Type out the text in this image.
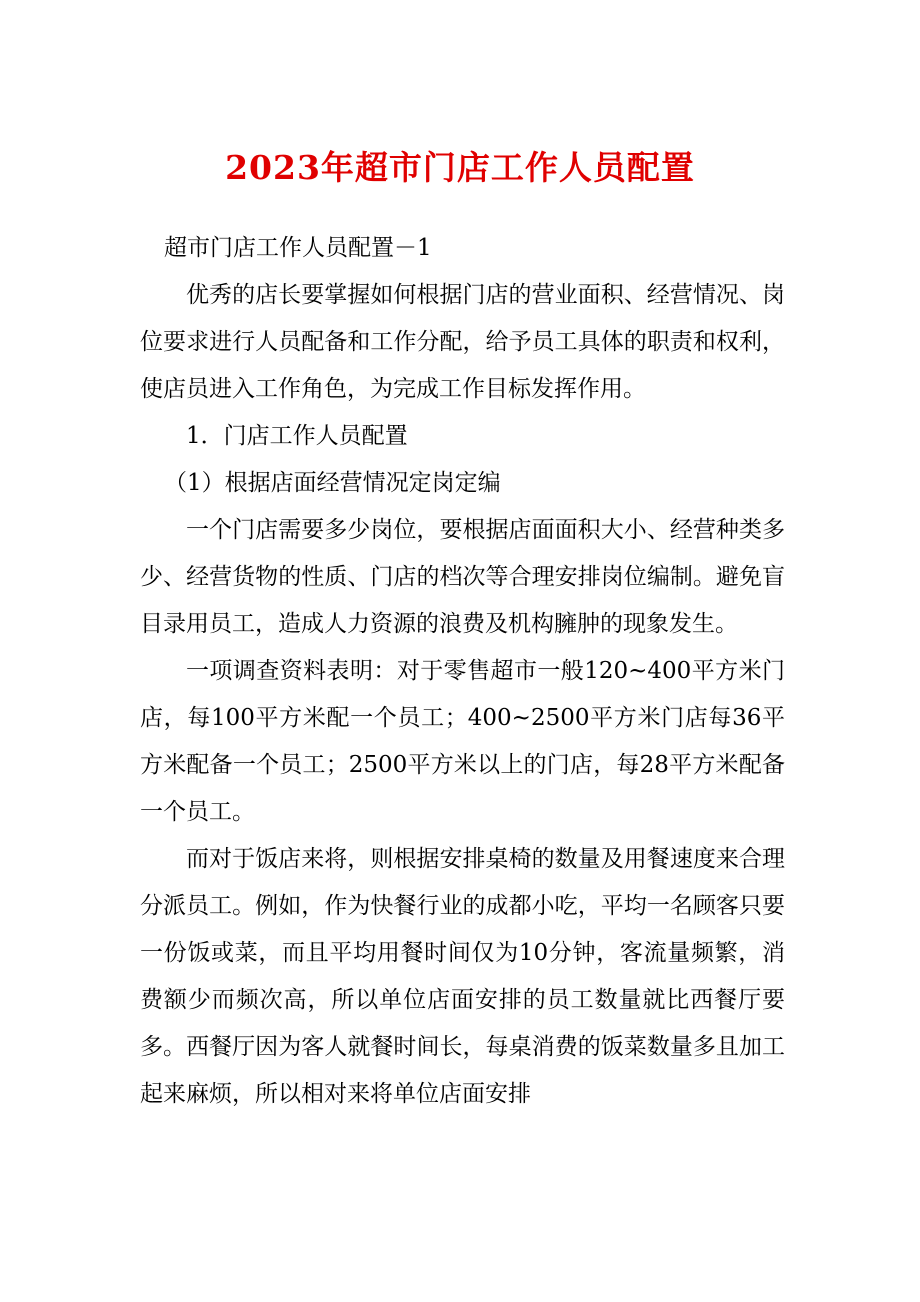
2023年超市门店工作人员配置

超市门店工作人员配置－1

优秀的店长要掌握如何根据门店的营业面积、经营情况、岗位要求进行人员配备和工作分配，给予员工具体的职责和权利，使店员进入工作角色，为完成工作目标发挥作用。

1．门店工作人员配置

（1）根据店面经营情况定岗定编

一个门店需要多少岗位，要根据店面面积大小、经营种类多少、经营货物的性质、门店的档次等合理安排岗位编制。避免盲目录用员工，造成人力资源的浪费及机构臃肿的现象发生。

一项调查资料表明：对于零售超市一般120~400平方米门店，每100平方米配一个员工；400~2500平方米门店每36平方米配备一个员工；2500平方米以上的门店，每28平方米配备一个员工。

而对于饭店来将，则根据安排桌椅的数量及用餐速度来合理分派员工。例如，作为快餐行业的成都小吃，平均一名顾客只要一份饭或菜，而且平均用餐时间仅为10分钟，客流量频繁，消费额少而频次高，所以单位店面安排的员工数量就比西餐厅要多。西餐厅因为客人就餐时间长，每桌消费的饭菜数量多且加工起来麻烦，所以相对来将单位店面安排
